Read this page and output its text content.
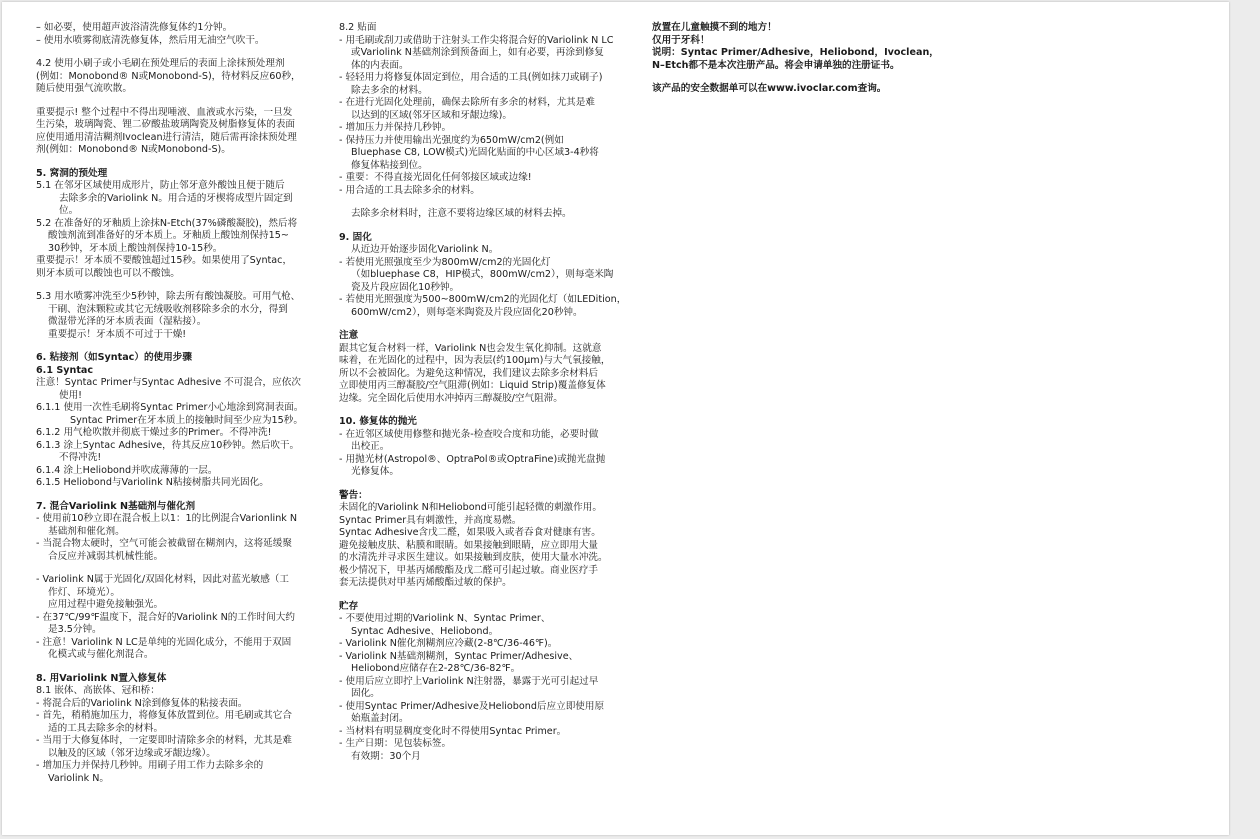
– 如必要，使用超声波浴清洗修复体约1分钟。
– 使用水喷雾彻底清洗修复体，然后用无油空气吹干。
4.2 使用小刷子或小毛刷在预处理后的表面上涂抹预处理剂
(例如：Monobond® N或Monobond-S)，待材料反应60秒，
随后使用强气流吹散。
重要提示! 整个过程中不得出现唾液、血液或水污染，一旦发
生污染，玻璃陶瓷、锂二矽酸盐玻璃陶瓷及树脂修复体的表面
应使用通用清洁糊剂Ivoclean进行清洁，随后需再涂抹预处理
剂(例如：Monobond® N或Monobond-S)。
5. 窝洞的预处理
5.1 在邻牙区域使用成形片，防止邻牙意外酸蚀且便于随后
去除多余的Variolink N。用合适的牙楔将成型片固定到
位。
5.2 在准备好的牙釉质上涂抹N-Etch(37%磷酸凝胶)，然后将
酸蚀剂流到准备好的牙本质上。牙釉质上酸蚀剂保持15~
30秒钟，牙本质上酸蚀剂保持10-15秒。
重要提示！牙本质不要酸蚀超过15秒。如果使用了Syntac，
则牙本质可以酸蚀也可以不酸蚀。
5.3 用水喷雾冲洗至少5秒钟，除去所有酸蚀凝胶。可用气枪、
干刷、泡沫颗粒或其它无绒吸收剂移除多余的水分，得到
微湿带光泽的牙本质表面（湿粘接）。
重要提示！牙本质不可过于干燥!
6. 粘接剂（如Syntac）的使用步骤
6.1 Syntac
注意！Syntac Primer与Syntac Adhesive 不可混合，应依次
使用!
6.1.1 使用一次性毛刷将Syntac Primer小心地涂到窝洞表面。
Syntac Primer在牙本质上的接触时间至少应为15秒。
6.1.2 用气枪吹散并彻底干燥过多的Primer。不得冲洗!
6.1.3 涂上Syntac Adhesive，待其反应10秒钟。然后吹干。
不得冲洗!
6.1.4 涂上Heliobond并吹成薄薄的一层。
6.1.5 Heliobond与Variolink N粘接树脂共同光固化。
7. 混合Variolink N基础剂与催化剂
- 使用前10秒立即在混合板上以1：1的比例混合Varionlink N
基础剂和催化剂。
- 当混合物太硬时，空气可能会被截留在糊剂内，这将延缓聚
合反应并减弱其机械性能。
- Variolink N属于光固化/双固化材料，因此对蓝光敏感（工
作灯、环境光）。
应用过程中避免接触强光。
- 在37℃/99℉温度下，混合好的Variolink N的工作时间大约
是3.5分钟。
- 注意！Variolink N LC是单纯的光固化成分，不能用于双固
化模式或与催化剂混合。
8. 用Variolink N置入修复体
8.1 嵌体、高嵌体、冠和桥：
- 将混合后的Variolink N涂到修复体的粘接表面。
- 首先，稍稍施加压力，将修复体放置到位。用毛刷或其它合
适的工具去除多余的材料。
- 当用于大修复体时，一定要即时清除多余的材料，尤其是难
以触及的区域（邻牙边缘或牙龈边缘）。
- 增加压力并保持几秒钟。用刷子用工作力去除多余的
Variolink N。
8.2 贴面
- 用毛刷或刮刀或借助于注射头工作尖将混合好的Variolink N LC
或Variolink N基础剂涂到预备面上，如有必要，再涂到修复
体的内表面。
- 轻轻用力将修复体固定到位，用合适的工具(例如抹刀或刷子)
除去多余的材料。
- 在进行光固化处理前，确保去除所有多余的材料，尤其是难
以达到的区域(邻牙区域和牙龈边缘)。
- 增加压力并保持几秒钟。
- 保持压力并使用输出光强度约为650mW/cm2(例如
Bluephase C8, LOW模式)光固化贴面的中心区域3-4秒将
修复体粘接到位。
- 重要：不得直接光固化任何邻接区域或边缘!
- 用合适的工具去除多余的材料。
去除多余材料时，注意不要将边缘区域的材料去掉。
9. 固化
从近边开始逐步固化Variolink N。
- 若使用光照强度至少为800mW/cm2的光固化灯
（如bluephase C8，HIP模式，800mW/cm2），则每毫米陶
瓷及片段应固化10秒钟。
- 若使用光照强度为500~800mW/cm2的光固化灯（如LEDition，
600mW/cm2），则每毫米陶瓷及片段应固化20秒钟。
注意
跟其它复合材料一样，Variolink N也会发生氧化抑制。这就意
味着，在光固化的过程中，因为表层(约100μm)与大气氧接触，
所以不会被固化。为避免这种情况，我们建议去除多余材料后
立即使用丙三醇凝胶/空气阻滞(例如：Liquid Strip)覆盖修复体
边缘。完全固化后使用水冲掉丙三醇凝胶/空气阻滞。
10. 修复体的抛光
- 在近邻区域使用修整和抛光条-检查咬合度和功能，必要时做
出校正。
- 用抛光材(Astropol®、OptraPol®或OptraFine)或抛光盘抛
光修复体。
警告：
未固化的Variolink N和Heliobond可能引起轻微的刺激作用。
Syntac Primer具有刺激性，并高度易燃。
Syntac Adhesive含戊二醛，如果吸入或者吞食对健康有害。
避免接触皮肤、粘膜和眼睛。如果接触到眼睛，应立即用大量
的水清洗并寻求医生建议。如果接触到皮肤，使用大量水冲洗。
极少情况下，甲基丙烯酸酯及戊二醛可引起过敏。商业医疗手
套无法提供对甲基丙烯酸酯过敏的保护。
贮存
- 不要使用过期的Variolink N、Syntac Primer、
Syntac Adhesive、Heliobond。
- Variolink N催化剂糊剂应冷藏(2-8℃/36-46℉)。
- Variolink N基础剂糊剂，Syntac Primer/Adhesive、
Heliobond应储存在2-28℃/36-82℉。
- 使用后应立即拧上Variolink N注射器，暴露于光可引起过早
固化。
- 使用Syntac Primer/Adhesive及Heliobond后应立即使用原
始瓶盖封闭。
- 当材料有明显稠度变化时不得使用Syntac Primer。
- 生产日期：见包装标签。
有效期：30个月
放置在儿童触摸不到的地方！
仅用于牙科！
说明：Syntac Primer/Adhesive，Heliobond，Ivoclean，
N–Etch都不是本次注册产品。将会申请单独的注册证书。
该产品的安全数据单可以在www.ivoclar.com查询。
